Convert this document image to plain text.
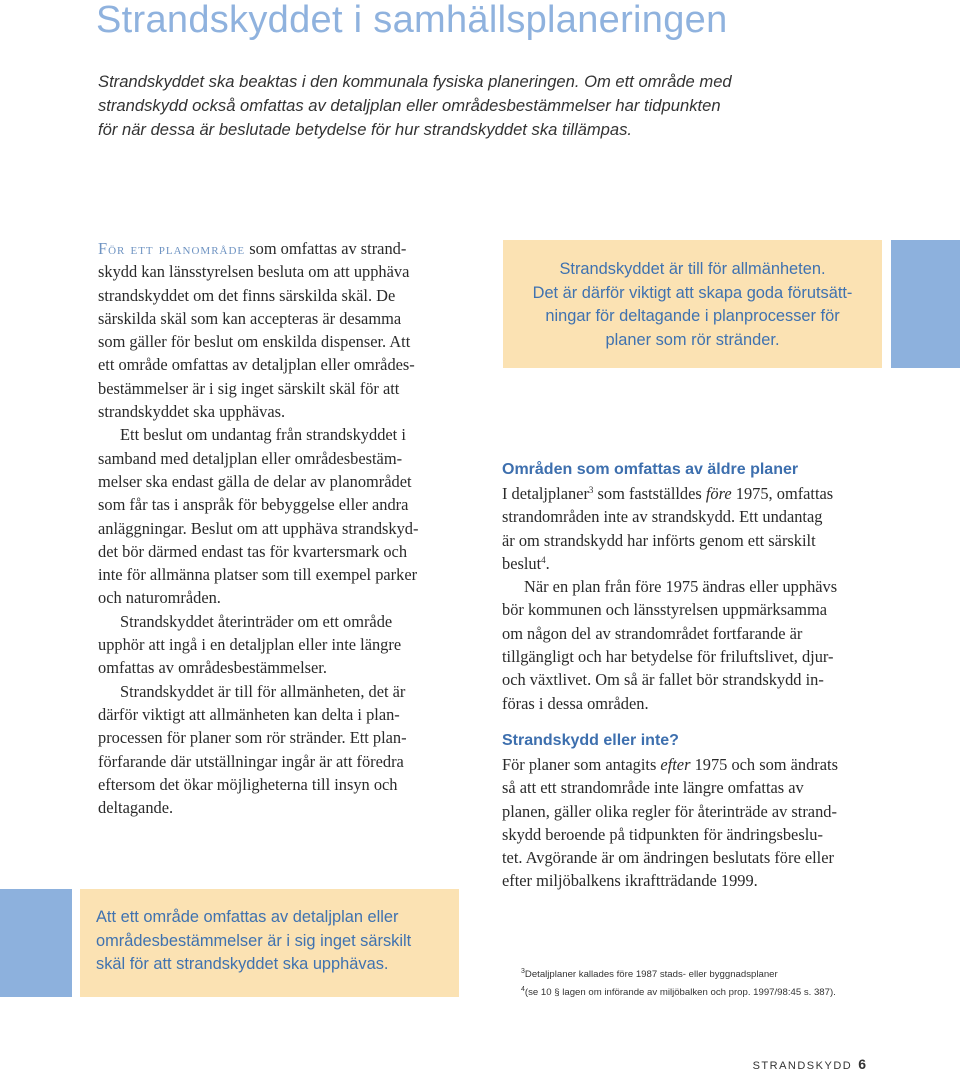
Strandskyddet i samhällsplaneringen

Strandskyddet ska beaktas i den kommunala fysiska planeringen. Om ett område med
strandskydd också omfattas av detaljplan eller områdesbestämmelser har tidpunkten
för när dessa är beslutade betydelse för hur strandskyddet ska tillämpas.

För ett planområde som omfattas av strand-
skydd kan länsstyrelsen besluta om att upphäva
strandskyddet om det finns särskilda skäl. De
särskilda skäl som kan accepteras är desamma
som gäller för beslut om enskilda dispenser. Att
ett område omfattas av detaljplan eller områdes-
bestämmelser är i sig inget särskilt skäl för att
strandskyddet ska upphävas.
Ett beslut om undantag från strandskyddet i
samband med detaljplan eller områdesbestäm-
melser ska endast gälla de delar av planområdet
som får tas i anspråk för bebyggelse eller andra
anläggningar. Beslut om att upphäva strandskyd-
det bör därmed endast tas för kvartersmark och
inte för allmänna platser som till exempel parker
och naturområden.
Strandskyddet återinträder om ett område
upphör att ingå i en detaljplan eller inte längre
omfattas av områdesbestämmelser.
Strandskyddet är till för allmänheten, det är
därför viktigt att allmänheten kan delta i plan-
processen för planer som rör stränder. Ett plan-
förfarande där utställningar ingår är att föredra
eftersom det ökar möjligheterna till insyn och
deltagande.
Strandskyddet är till för allmänheten.
Det är därför viktigt att skapa goda förutsätt-
ningar för deltagande i planprocesser för
planer som rör stränder.
Områden som omfattas av äldre planer
I detaljplaner$^3$ som fastställdes före 1975, omfattas
strandområden inte av strandskydd. Ett undantag
är om strandskydd har införts genom ett särskilt
beslut$^4$.
När en plan från före 1975 ändras eller upphävs
bör kommunen och länsstyrelsen uppmärksamma
om någon del av strandområdet fortfarande är
tillgängligt och har betydelse för friluftslivet, djur-
och växtlivet. Om så är fallet bör strandskydd in-
föras i dessa områden.
Strandskydd eller inte?
För planer som antagits efter 1975 och som ändrats
så att ett strandområde inte längre omfattas av
planen, gäller olika regler för återinträde av strand-
skydd beroende på tidpunkten för ändringsbeslu-
tet. Avgörande är om ändringen beslutats före eller
efter miljöbalkens ikraftträdande 1999.
Att ett område omfattas av detaljplan eller
områdesbestämmelser är i sig inget särskilt
skäl för att strandskyddet ska upphävas.	$^3$Detaljplaner kallades före 1987 stads- eller byggnadsplaner
$^4$(se 10 § lagen om införande av miljöbalken och prop. 1997/98:45 s. 387).
STRANDSKYDD 6
